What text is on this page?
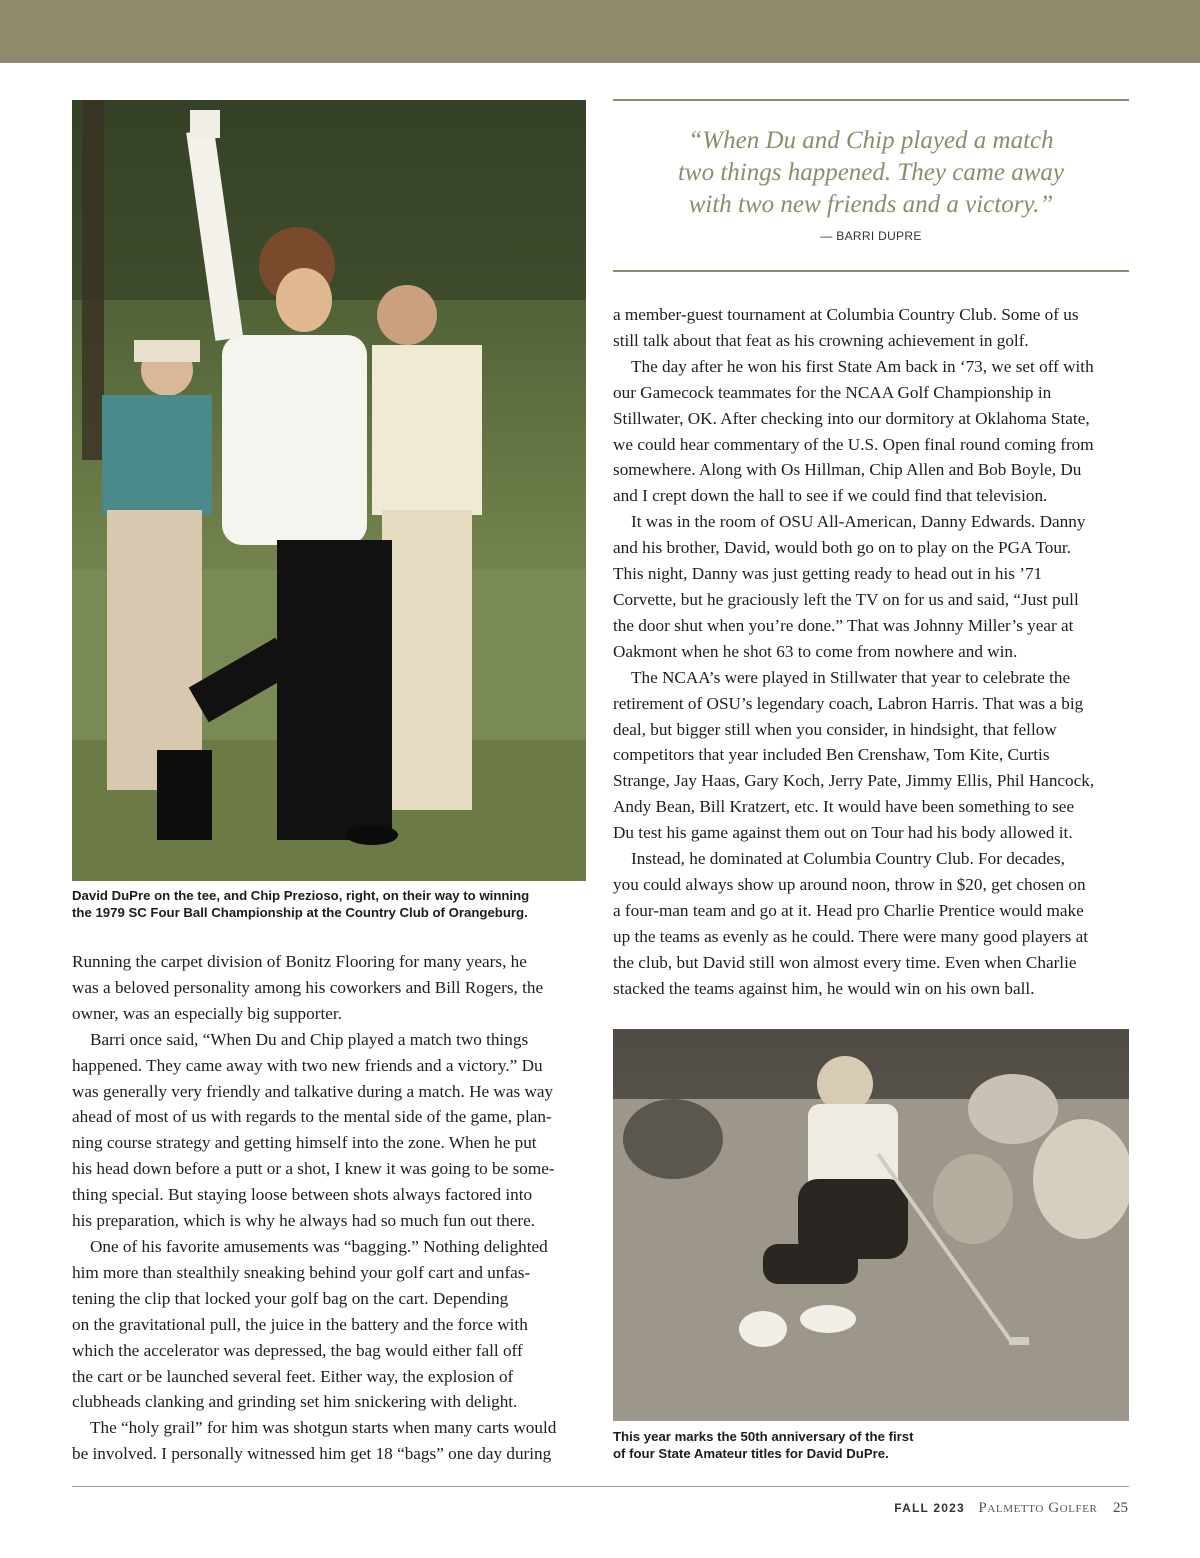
David DuPre on the tee, and Chip Prezioso, right, on their way to winning
the 1979 SC Four Ball Championship at the Country Club of Orangeburg.
“When Du and Chip played a match
two things happened. They came away
with two new friends and a victory.”
— BARRI DUPRE
Running the carpet division of Bonitz Flooring for many years, he
was a beloved personality among his coworkers and Bill Rogers, the
owner, was an especially big supporter.
Barri once said, “When Du and Chip played a match two things
happened. They came away with two new friends and a victory.” Du
was generally very friendly and talkative during a match. He was way
ahead of most of us with regards to the mental side of the game, plan-
ning course strategy and getting himself into the zone. When he put
his head down before a putt or a shot, I knew it was going to be some-
thing special. But staying loose between shots always factored into
his preparation, which is why he always had so much fun out there.
One of his favorite amusements was “bagging.” Nothing delighted
him more than stealthily sneaking behind your golf cart and unfas-
tening the clip that locked your golf bag on the cart. Depending
on the gravitational pull, the juice in the battery and the force with
which the accelerator was depressed, the bag would either fall off
the cart or be launched several feet. Either way, the explosion of
clubheads clanking and grinding set him snickering with delight.
The “holy grail” for him was shotgun starts when many carts would
be involved. I personally witnessed him get 18 “bags” one day during
a member-guest tournament at Columbia Country Club. Some of us
still talk about that feat as his crowning achievement in golf.
The day after he won his first State Am back in ‘73, we set off with
our Gamecock teammates for the NCAA Golf Championship in
Stillwater, OK. After checking into our dormitory at Oklahoma State,
we could hear commentary of the U.S. Open final round coming from
somewhere. Along with Os Hillman, Chip Allen and Bob Boyle, Du
and I crept down the hall to see if we could find that television.
It was in the room of OSU All-American, Danny Edwards. Danny
and his brother, David, would both go on to play on the PGA Tour.
This night, Danny was just getting ready to head out in his ’71
Corvette, but he graciously left the TV on for us and said, “Just pull
the door shut when you’re done.” That was Johnny Miller’s year at
Oakmont when he shot 63 to come from nowhere and win.
The NCAA’s were played in Stillwater that year to celebrate the
retirement of OSU’s legendary coach, Labron Harris. That was a big
deal, but bigger still when you consider, in hindsight, that fellow
competitors that year included Ben Crenshaw, Tom Kite, Curtis
Strange, Jay Haas, Gary Koch, Jerry Pate, Jimmy Ellis, Phil Hancock,
Andy Bean, Bill Kratzert, etc. It would have been something to see
Du test his game against them out on Tour had his body allowed it.
Instead, he dominated at Columbia Country Club. For decades,
you could always show up around noon, throw in $20, get chosen on
a four-man team and go at it. Head pro Charlie Prentice would make
up the teams as evenly as he could. There were many good players at
the club, but David still won almost every time. Even when Charlie
stacked the teams against him, he would win on his own ball.
This year marks the 50th anniversary of the first
of four State Amateur titles for David DuPre.
FALL 2023 Palmetto Golfer 25
